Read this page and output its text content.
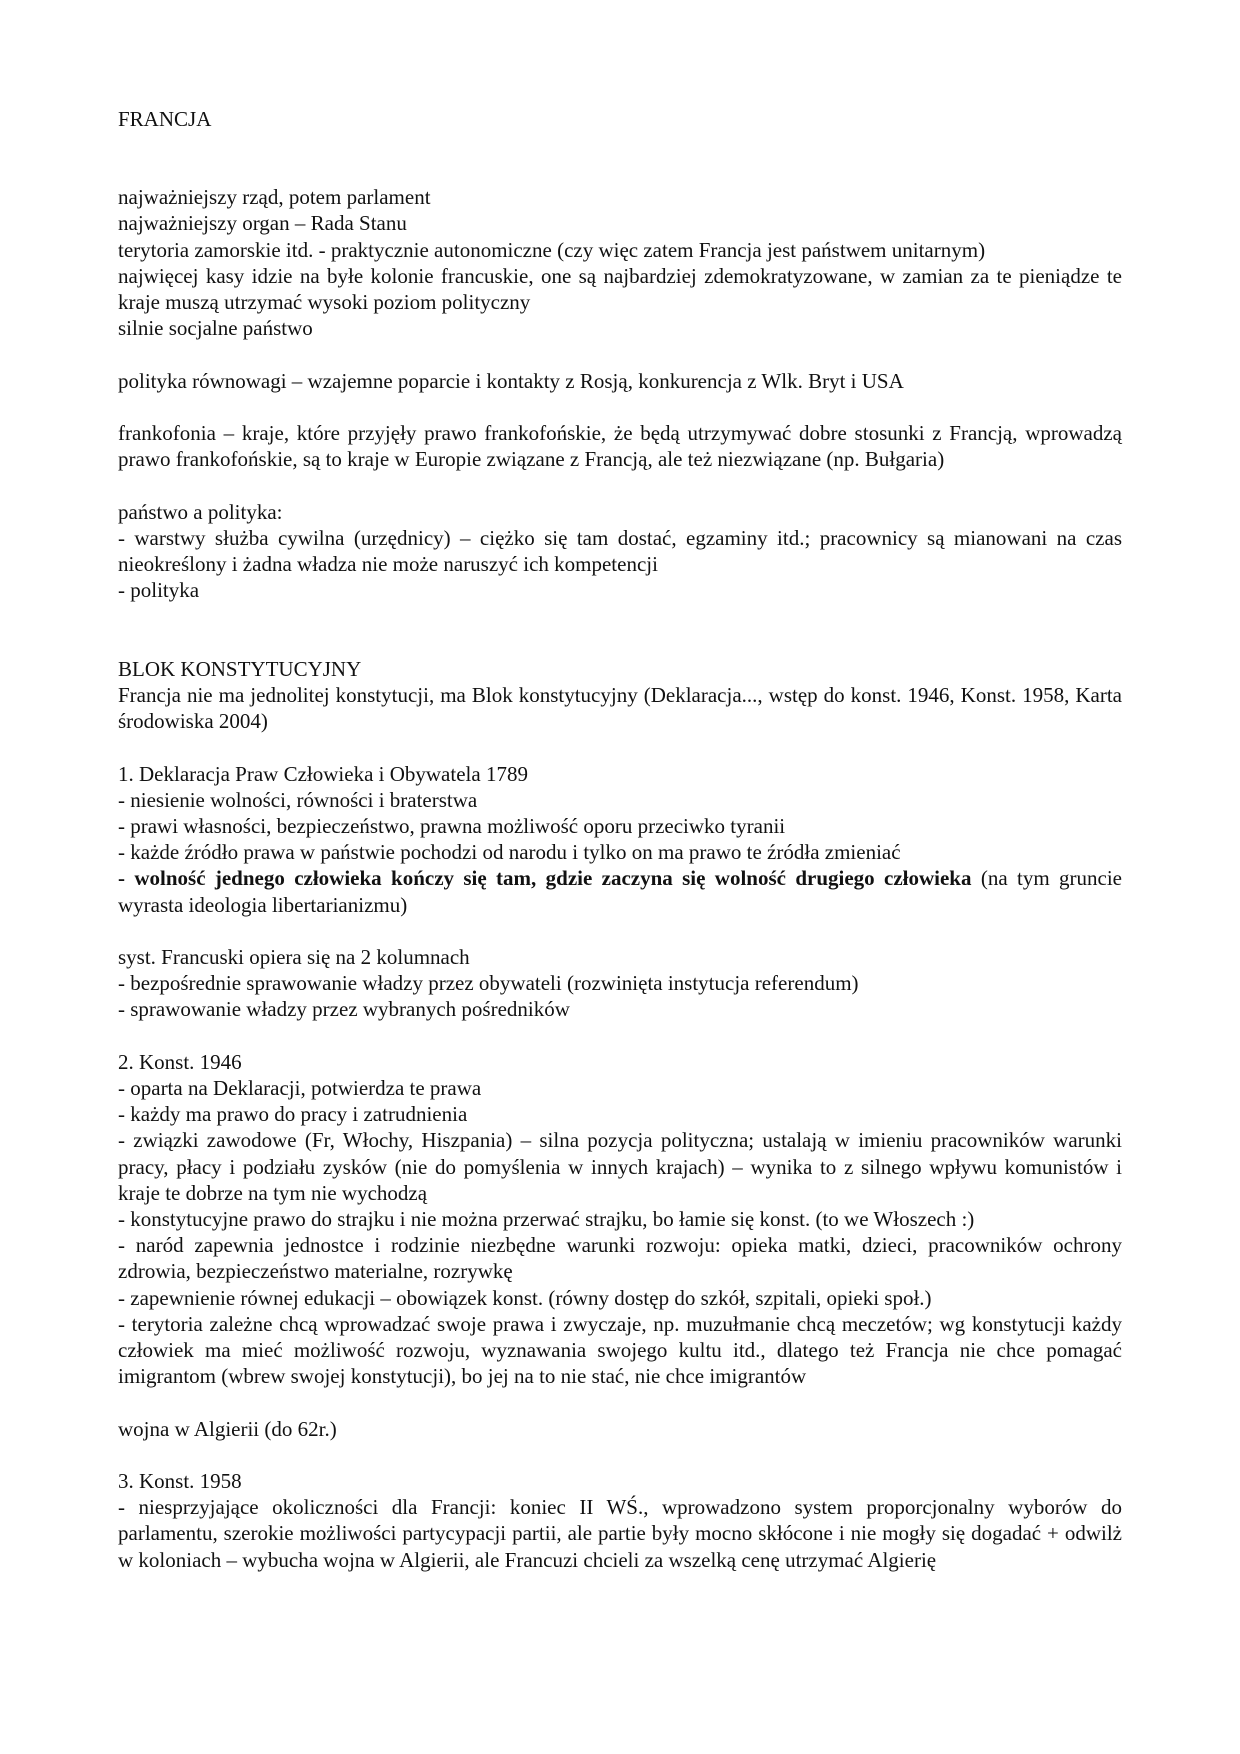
FRANCJA

najważniejszy rząd, potem parlament

najważniejszy organ – Rada Stanu

terytoria zamorskie itd. - praktycznie autonomiczne (czy więc zatem Francja jest państwem unitarnym)

najwięcej kasy idzie na byłe kolonie francuskie, one są najbardziej zdemokratyzowane, w zamian za te pieniądze te kraje muszą utrzymać wysoki poziom polityczny

silnie socjalne państwo

polityka równowagi – wzajemne poparcie i kontakty z Rosją, konkurencja z Wlk. Bryt i USA

frankofonia – kraje, które przyjęły prawo frankofońskie, że będą utrzymywać dobre stosunki z Francją, wprowadzą prawo frankofońskie, są to kraje w Europie związane z Francją, ale też niezwiązane (np. Bułgaria)

państwo a polityka:

- warstwy służba cywilna (urzędnicy) – ciężko się tam dostać, egzaminy itd.; pracownicy są mianowani na czas nieokreślony i żadna władza nie może naruszyć ich kompetencji

- polityka

BLOK KONSTYTUCYJNY

Francja nie ma jednolitej konstytucji, ma Blok konstytucyjny (Deklaracja..., wstęp do konst. 1946, Konst. 1958, Karta środowiska 2004)

1. Deklaracja Praw Człowieka i Obywatela 1789

- niesienie wolności, równości i braterstwa

- prawi własności, bezpieczeństwo, prawna możliwość oporu przeciwko tyranii

- każde źródło prawa w państwie pochodzi od narodu i tylko on ma prawo te źródła zmieniać

- wolność jednego człowieka kończy się tam, gdzie zaczyna się wolność drugiego człowieka (na tym gruncie wyrasta ideologia libertarianizmu)

syst. Francuski opiera się na 2 kolumnach

- bezpośrednie sprawowanie władzy przez obywateli (rozwinięta instytucja referendum)

- sprawowanie władzy przez wybranych pośredników

2. Konst. 1946

- oparta na Deklaracji, potwierdza te prawa

- każdy ma prawo do pracy i zatrudnienia

- związki zawodowe (Fr, Włochy, Hiszpania) – silna pozycja polityczna; ustalają w imieniu pracowników warunki pracy, płacy i podziału zysków (nie do pomyślenia w innych krajach) – wynika to z silnego wpływu komunistów i kraje te dobrze na tym nie wychodzą

- konstytucyjne prawo do strajku i nie można przerwać strajku, bo łamie się konst. (to we Włoszech :)

- naród zapewnia jednostce i rodzinie niezbędne warunki rozwoju: opieka matki, dzieci, pracowników ochrony zdrowia, bezpieczeństwo materialne, rozrywkę

- zapewnienie równej edukacji – obowiązek konst. (równy dostęp do szkół, szpitali, opieki społ.)

- terytoria zależne chcą wprowadzać swoje prawa i zwyczaje, np. muzułmanie chcą meczetów; wg konstytucji każdy człowiek ma mieć możliwość rozwoju, wyznawania swojego kultu itd., dlatego też Francja nie chce pomagać imigrantom (wbrew swojej konstytucji), bo jej na to nie stać, nie chce imigrantów

wojna w Algierii (do 62r.)

3. Konst. 1958

- niesprzyjające okoliczności dla Francji: koniec II WŚ., wprowadzono system proporcjonalny wyborów do parlamentu, szerokie możliwości partycypacji partii, ale partie były mocno skłócone i nie mogły się dogadać + odwilż w koloniach – wybucha wojna w Algierii, ale Francuzi chcieli za wszelką cenę utrzymać Algierię
